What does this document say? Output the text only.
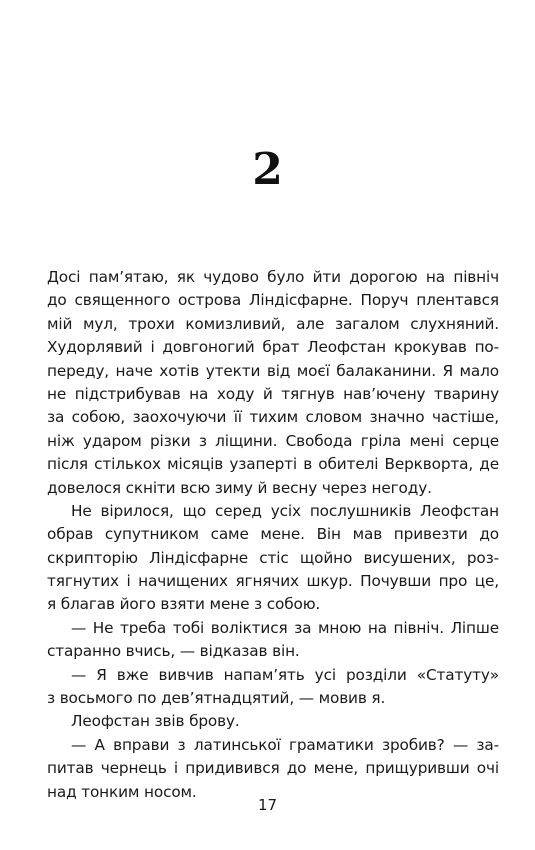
2
Досі пам’ятаю, як чудово було йти дорогою на північ
до священного острова Ліндісфарне. Поруч плентався
мій мул, трохи комизливий, але загалом слухняний.
Худорлявий і довгоногий брат Леофстан крокував по-
переду, наче хотів утекти від моєї балаканини. Я мало
не підстрибував на ходу й тягнув нав’ючену тварину
за собою, заохочуючи її тихим словом значно частіше,
ніж ударом різки з ліщини. Свобода гріла мені серце
після стількох місяців узаперті в обителі Веркворта, де
довелося скніти всю зиму й весну через негоду.
Не вірилося, що серед усіх послушників Леофстан
обрав супутником саме мене. Він мав привезти до
скрипторію Ліндісфарне стіс щойно висушених, роз-
тягнутих і начищених ягнячих шкур. Почувши про це,
я благав його взяти мене з собою.
— Не треба тобі воліктися за мною на північ. Ліпше
старанно вчись, — відказав він.
— Я вже вивчив напам’ять усі розділи «Статуту»
з восьмого по дев’ятнадцятий, — мовив я.
Леофстан звів брову.
— А вправи з латинської граматики зробив? — за-
питав чернець і придивився до мене, прищуривши очі
над тонким носом.
17
